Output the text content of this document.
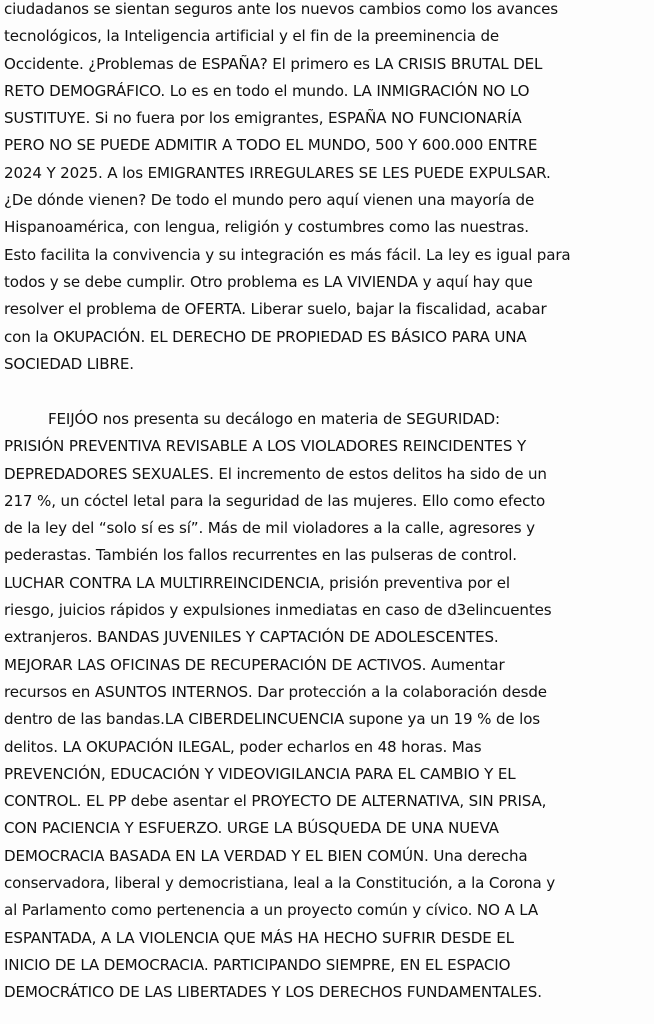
ciudadanos se sientan seguros ante los nuevos cambios como los avances
tecnológicos, la Inteligencia artificial y el fin de la preeminencia de
Occidente. ¿Problemas de ESPAÑA? El primero es LA CRISIS BRUTAL DEL
RETO DEMOGRÁFICO. Lo es en todo el mundo. LA INMIGRACIÓN NO LO
SUSTITUYE. Si no fuera por los emigrantes, ESPAÑA NO FUNCIONARÍA
PERO NO SE PUEDE ADMITIR A TODO EL MUNDO, 500 Y 600.000 ENTRE
2024 Y 2025. A los EMIGRANTES IRREGULARES SE LES PUEDE EXPULSAR.
¿De dónde vienen? De todo el mundo pero aquí vienen una mayoría de
Hispanoamérica, con lengua, religión y costumbres como las nuestras.
Esto facilita la convivencia y su integración es más fácil. La ley es igual para
todos y se debe cumplir. Otro problema es LA VIVIENDA y aquí hay que
resolver el problema de OFERTA. Liberar suelo, bajar la fiscalidad, acabar
con la OKUPACIÓN. EL DERECHO DE PROPIEDAD ES BÁSICO PARA UNA
SOCIEDAD LIBRE.
FEIJÓO nos presenta su decálogo en materia de SEGURIDAD:
PRISIÓN PREVENTIVA REVISABLE A LOS VIOLADORES REINCIDENTES Y
DEPREDADORES SEXUALES. El incremento de estos delitos ha sido de un
217 %, un cóctel letal para la seguridad de las mujeres. Ello como efecto
de la ley del “solo sí es sí”. Más de mil violadores a la calle, agresores y
pederastas. También los fallos recurrentes en las pulseras de control.
LUCHAR CONTRA LA MULTIRREINCIDENCIA, prisión preventiva por el
riesgo, juicios rápidos y expulsiones inmediatas en caso de d3elincuentes
extranjeros. BANDAS JUVENILES Y CAPTACIÓN DE ADOLESCENTES.
MEJORAR LAS OFICINAS DE RECUPERACIÓN DE ACTIVOS. Aumentar
recursos en ASUNTOS INTERNOS. Dar protección a la colaboración desde
dentro de las bandas.LA CIBERDELINCUENCIA supone ya un 19 % de los
delitos. LA OKUPACIÓN ILEGAL, poder echarlos en 48 horas. Mas
PREVENCIÓN, EDUCACIÓN Y VIDEOVIGILANCIA PARA EL CAMBIO Y EL
CONTROL. EL PP debe asentar el PROYECTO DE ALTERNATIVA, SIN PRISA,
CON PACIENCIA Y ESFUERZO. URGE LA BÚSQUEDA DE UNA NUEVA
DEMOCRACIA BASADA EN LA VERDAD Y EL BIEN COMÚN. Una derecha
conservadora, liberal y democristiana, leal a la Constitución, a la Corona y
al Parlamento como pertenencia a un proyecto común y cívico. NO A LA
ESPANTADA, A LA VIOLENCIA QUE MÁS HA HECHO SUFRIR DESDE EL
INICIO DE LA DEMOCRACIA. PARTICIPANDO SIEMPRE, EN EL ESPACIO
DEMOCRÁTICO DE LAS LIBERTADES Y LOS DERECHOS FUNDAMENTALES.
